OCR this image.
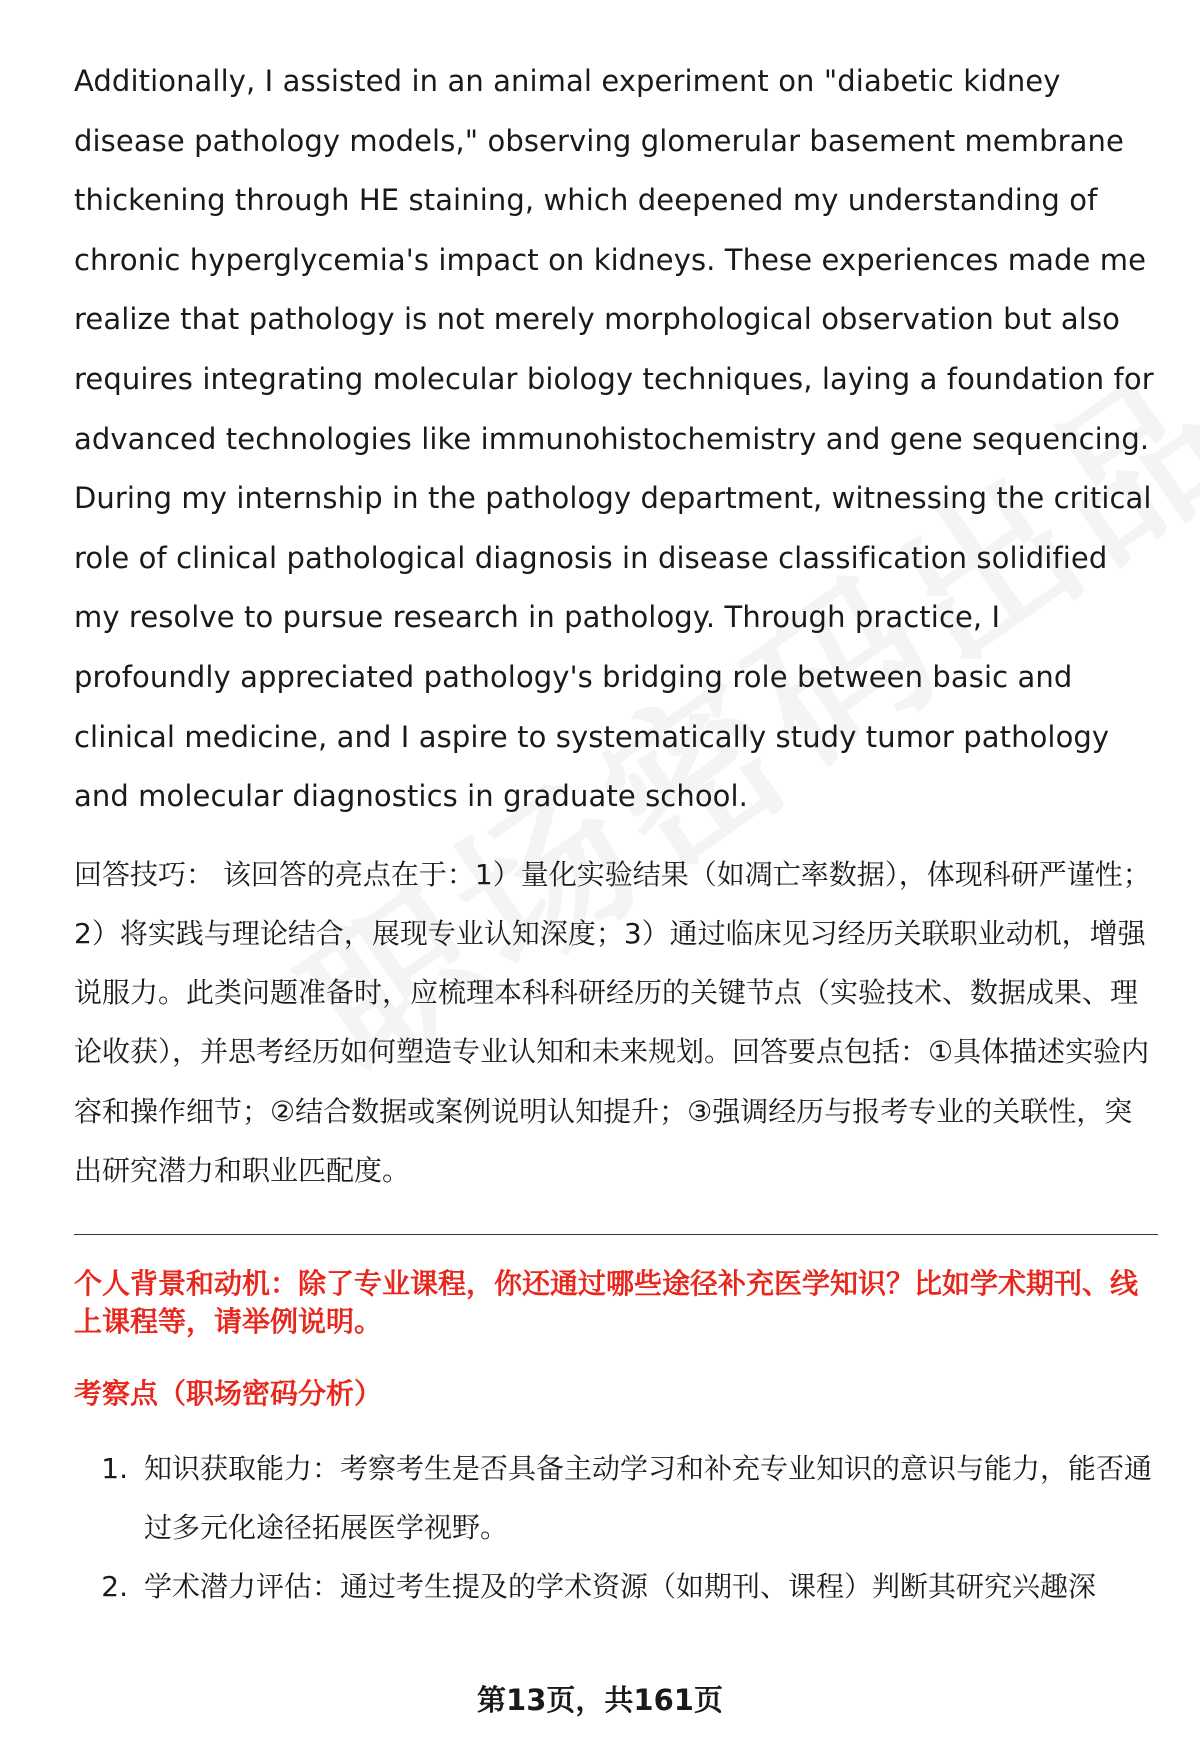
Additionally, I assisted in an animal experiment on "diabetic kidney disease pathology models," observing glomerular basement membrane thickening through HE staining, which deepened my understanding of chronic hyperglycemia's impact on kidneys. These experiences made me realize that pathology is not merely morphological observation but also requires integrating molecular biology techniques, laying a foundation for advanced technologies like immunohistochemistry and gene sequencing. During my internship in the pathology department, witnessing the critical role of clinical pathological diagnosis in disease classification solidified my resolve to pursue research in pathology. Through practice, I profoundly appreciated pathology's bridging role between basic and clinical medicine, and I aspire to systematically study tumor pathology and molecular diagnostics in graduate school.

回答技巧： 该回答的亮点在于：1）量化实验结果（如凋亡率数据），体现科研严谨性；2）将实践与理论结合，展现专业认知深度；3）通过临床见习经历关联职业动机，增强说服力。此类问题准备时，应梳理本科科研经历的关键节点（实验技术、数据成果、理论收获），并思考经历如何塑造专业认知和未来规划。回答要点包括：①具体描述实验内容和操作细节；②结合数据或案例说明认知提升；③强调经历与报考专业的关联性，突出研究潜力和职业匹配度。

个人背景和动机：除了专业课程，你还通过哪些途径补充医学知识？比如学术期刊、线上课程等，请举例说明。
考察点（职场密码分析）
1. 知识获取能力：考察考生是否具备主动学习和补充专业知识的意识与能力，能否通过多元化途径拓展医学视野。
2. 学术潜力评估：通过考生提及的学术资源（如期刊、课程）判断其研究兴趣深
第13页，共161页
